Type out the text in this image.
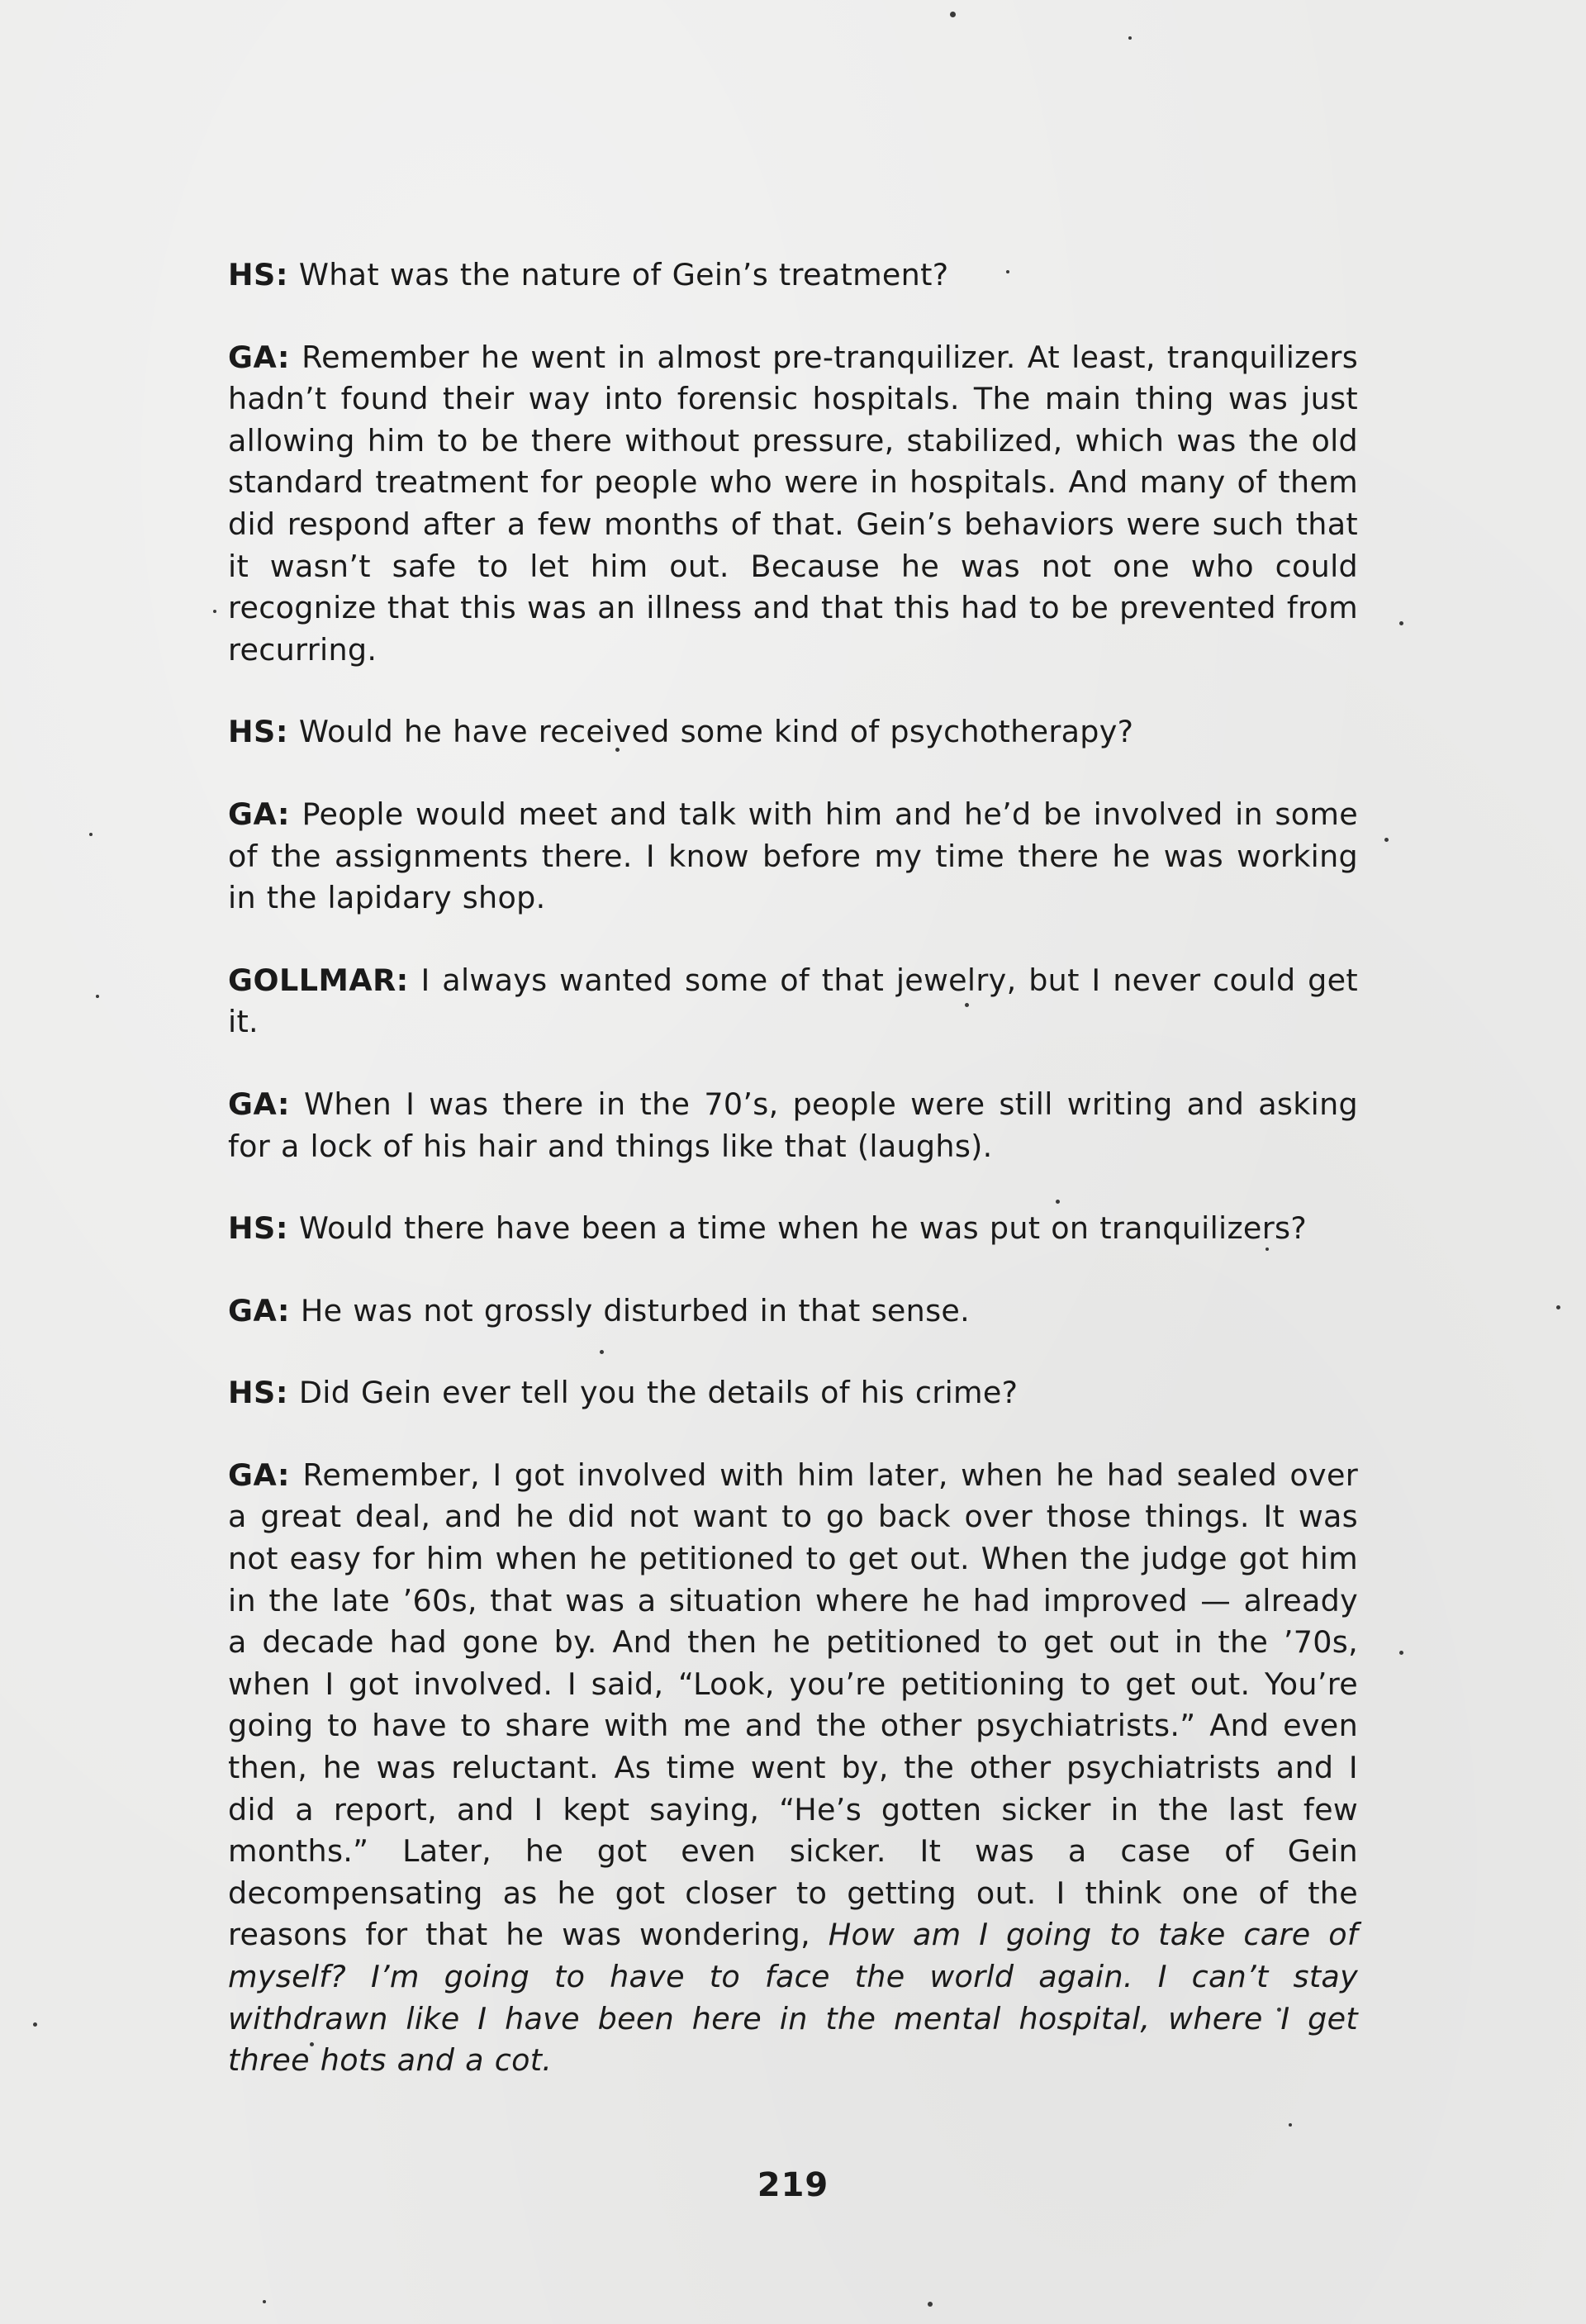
HS: What was the nature of Gein’s treatment?

GA: Remember he went in almost pre-tranquilizer. At least, tranquilizers hadn’t found their way into forensic hospitals. The main thing was just allowing him to be there without pressure, stabilized, which was the old standard treatment for people who were in hospitals. And many of them did respond after a few months of that. Gein’s behaviors were such that it wasn’t safe to let him out. Because he was not one who could recognize that this was an illness and that this had to be prevented from recurring.

HS: Would he have received some kind of psychotherapy?

GA: People would meet and talk with him and he’d be involved in some of the assignments there. I know before my time there he was working in the lapidary shop.

GOLLMAR: I always wanted some of that jewelry, but I never could get it.

GA: When I was there in the 70’s, people were still writing and asking for a lock of his hair and things like that (laughs).

HS: Would there have been a time when he was put on tranquilizers?

GA: He was not grossly disturbed in that sense.

HS: Did Gein ever tell you the details of his crime?

GA: Remember, I got involved with him later, when he had sealed over a great deal, and he did not want to go back over those things. It was not easy for him when he petitioned to get out. When the judge got him in the late ’60s, that was a situation where he had improved — already a decade had gone by. And then he petitioned to get out in the ’70s, when I got involved. I said, “Look, you’re petitioning to get out. You’re going to have to share with me and the other psychiatrists.” And even then, he was reluctant. As time went by, the other psychiatrists and I did a report, and I kept saying, “He’s gotten sicker in the last few months.” Later, he got even sicker. It was a case of Gein decompensating as he got closer to getting out. I think one of the reasons for that he was wondering, How am I going to take care of myself? I’m going to have to face the world again. I can’t stay withdrawn like I have been here in the mental hospital, where I get three hots and a cot.

219
